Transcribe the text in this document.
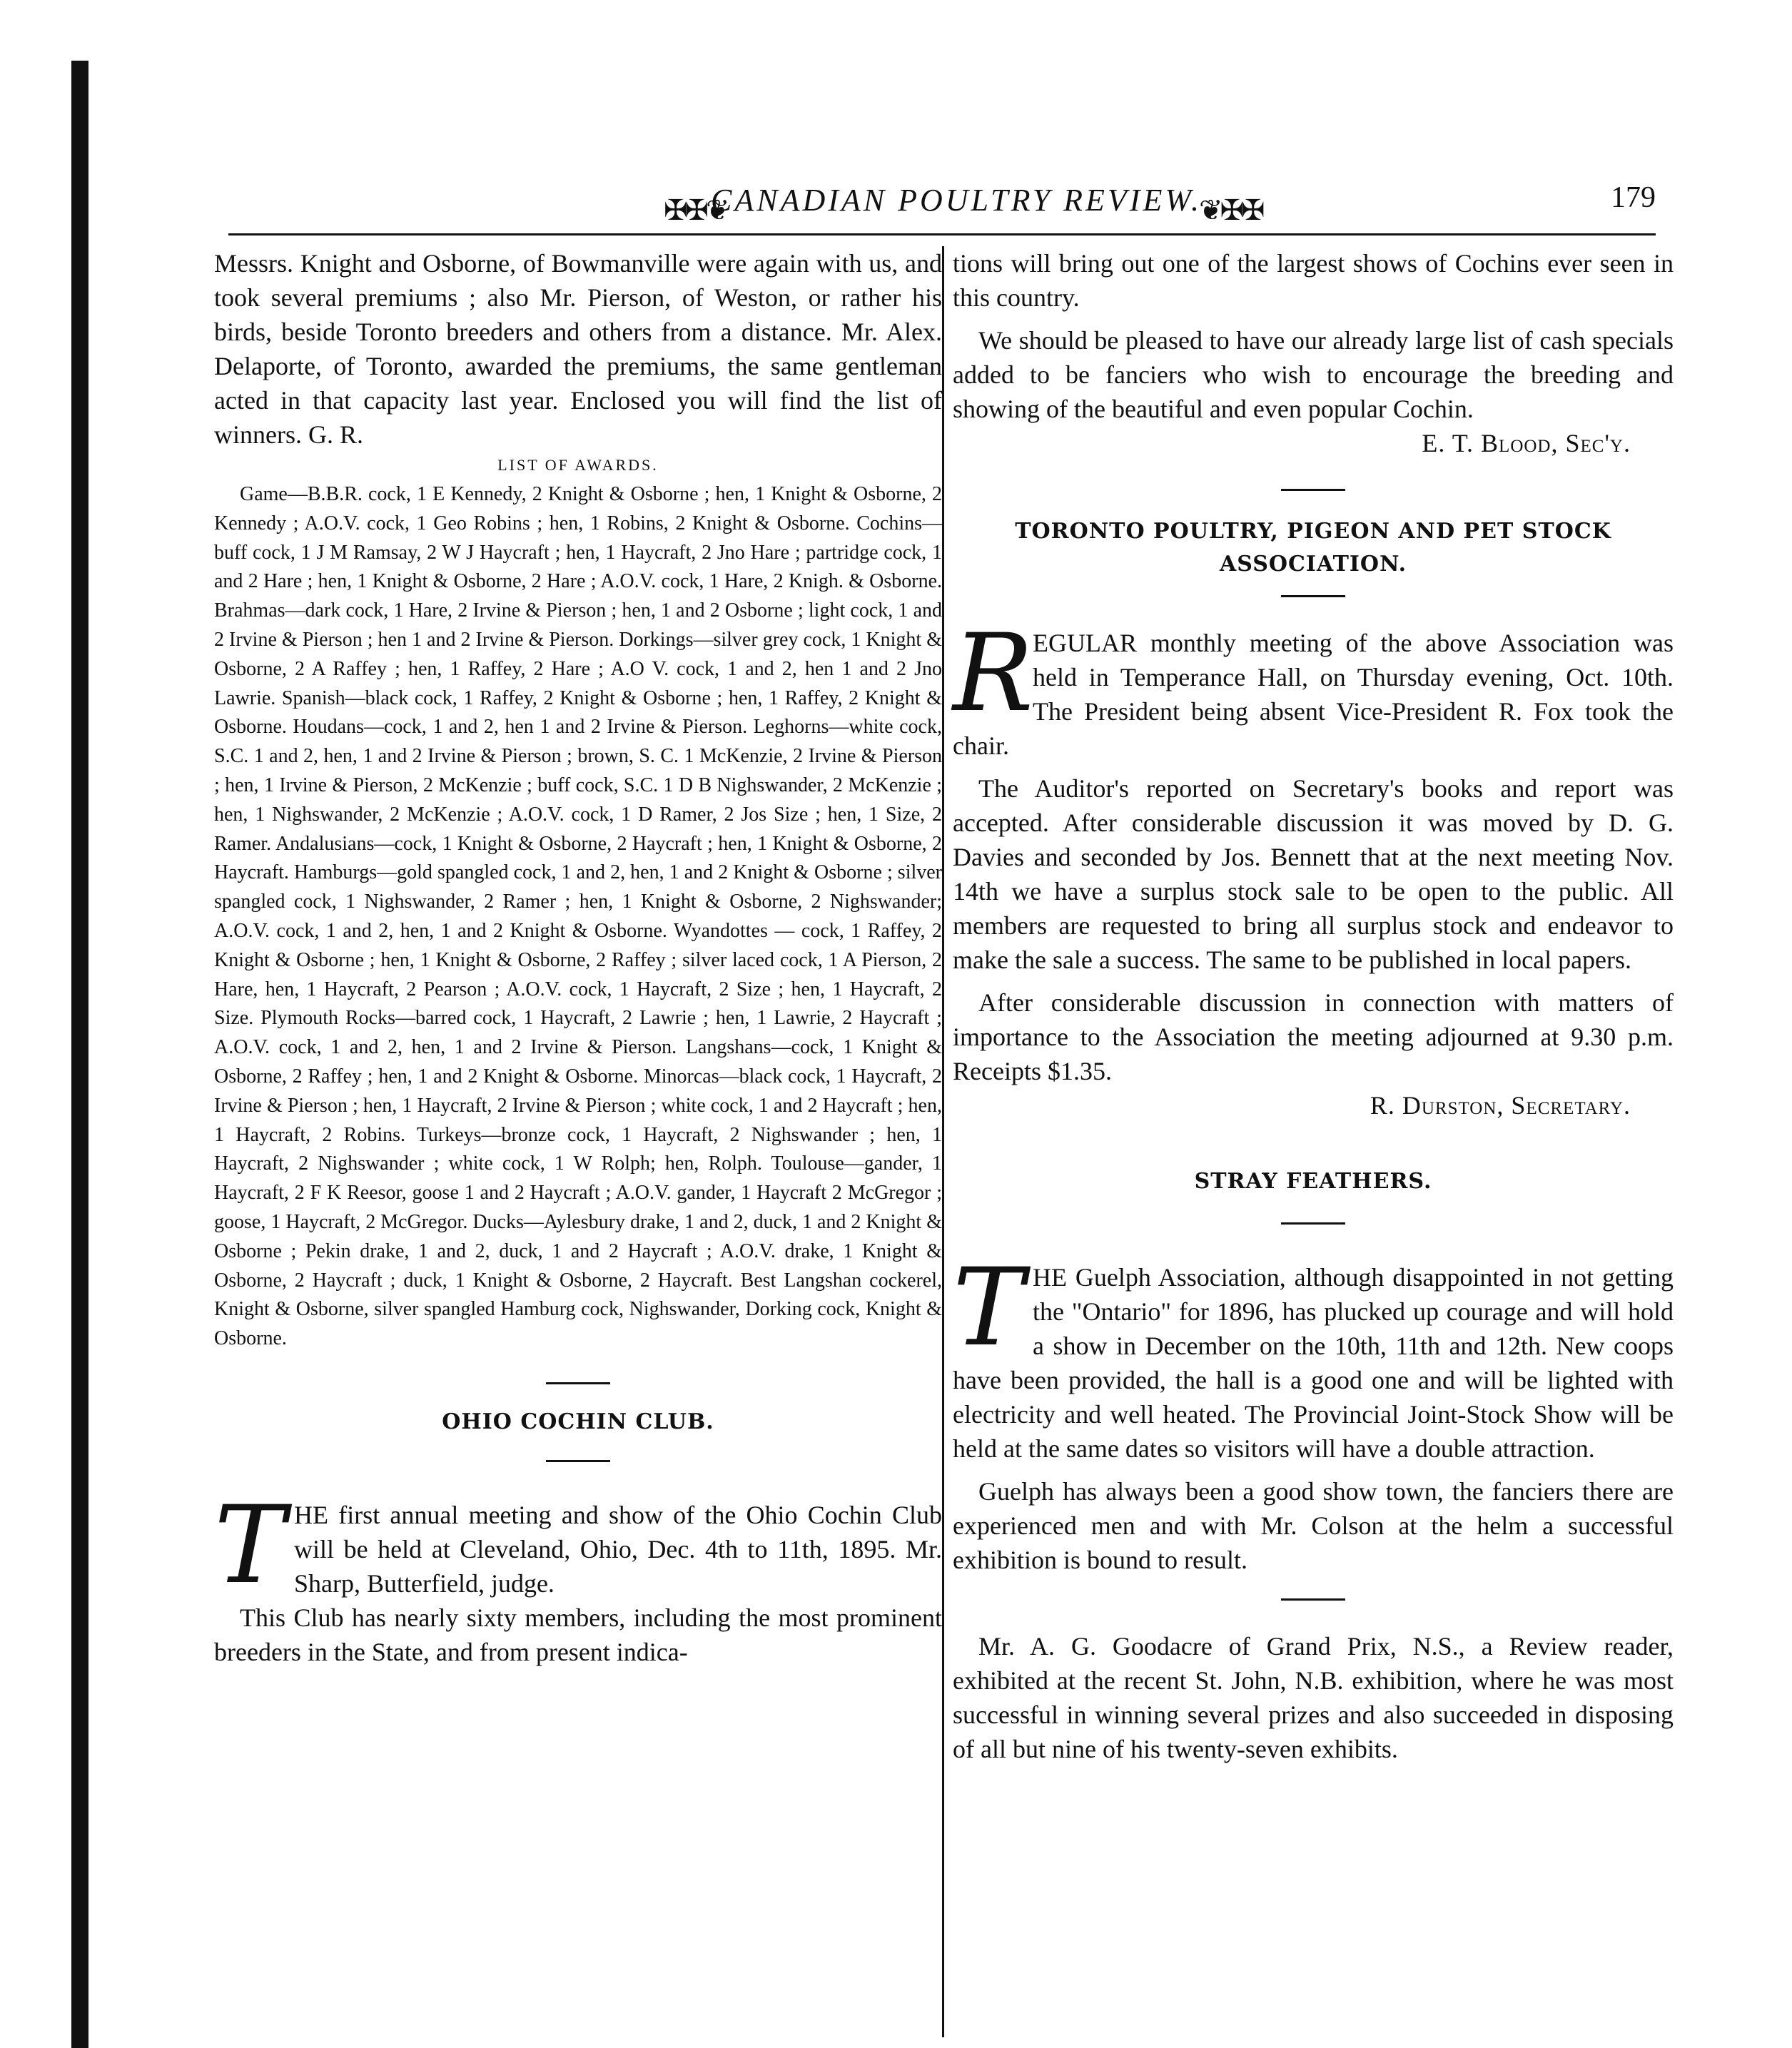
✠✠❦
CANADIAN POULTRY REVIEW.
❦✠✠	179

Messrs. Knight and Osborne, of Bowmanville were again with us, and took several premiums ; also Mr. Pierson, of Weston, or rather his birds, beside Toronto breeders and others from a distance. Mr. Alex. Delaporte, of Toronto, awarded the premiums, the same gentleman acted in that capacity last year. Enclosed you will find the list of winners. G. R.

LIST OF AWARDS.

Game—B.B.R. cock, 1 E Kennedy, 2 Knight & Osborne ; hen, 1 Knight & Osborne, 2 Kennedy ; A.O.V. cock, 1 Geo Robins ; hen, 1 Robins, 2 Knight & Osborne. Cochins—buff cock, 1 J M Ramsay, 2 W J Haycraft ; hen, 1 Haycraft, 2 Jno Hare ; partridge cock, 1 and 2 Hare ; hen, 1 Knight & Osborne, 2 Hare ; A.O.V. cock, 1 Hare, 2 Knigh. & Osborne. Brahmas—dark cock, 1 Hare, 2 Irvine & Pierson ; hen, 1 and 2 Osborne ; light cock, 1 and 2 Irvine & Pierson ; hen 1 and 2 Irvine & Pierson. Dorkings—silver grey cock, 1 Knight & Osborne, 2 A Raffey ; hen, 1 Raffey, 2 Hare ; A.O V. cock, 1 and 2, hen 1 and 2 Jno Lawrie. Spanish—black cock, 1 Raffey, 2 Knight & Osborne ; hen, 1 Raffey, 2 Knight & Osborne. Houdans—cock, 1 and 2, hen 1 and 2 Irvine & Pierson. Leghorns—white cock, S.C. 1 and 2, hen, 1 and 2 Irvine & Pierson ; brown, S. C. 1 McKenzie, 2 Irvine & Pierson ; hen, 1 Irvine & Pierson, 2 McKenzie ; buff cock, S.C. 1 D B Nighswander, 2 McKenzie ; hen, 1 Nighswander, 2 McKenzie ; A.O.V. cock, 1 D Ramer, 2 Jos Size ; hen, 1 Size, 2 Ramer. Andalusians—cock, 1 Knight & Osborne, 2 Haycraft ; hen, 1 Knight & Osborne, 2 Haycraft. Hamburgs—gold spangled cock, 1 and 2, hen, 1 and 2 Knight & Osborne ; silver spangled cock, 1 Nighswander, 2 Ramer ; hen, 1 Knight & Osborne, 2 Nighswander; A.O.V. cock, 1 and 2, hen, 1 and 2 Knight & Osborne. Wyandottes — cock, 1 Raffey, 2 Knight & Osborne ; hen, 1 Knight & Osborne, 2 Raffey ; silver laced cock, 1 A Pierson, 2 Hare, hen, 1 Haycraft, 2 Pearson ; A.O.V. cock, 1 Haycraft, 2 Size ; hen, 1 Haycraft, 2 Size. Plymouth Rocks—barred cock, 1 Haycraft, 2 Lawrie ; hen, 1 Lawrie, 2 Haycraft ; A.O.V. cock, 1 and 2, hen, 1 and 2 Irvine & Pierson. Langshans—cock, 1 Knight & Osborne, 2 Raffey ; hen, 1 and 2 Knight & Osborne. Minorcas—black cock, 1 Haycraft, 2 Irvine & Pierson ; hen, 1 Haycraft, 2 Irvine & Pierson ; white cock, 1 and 2 Haycraft ; hen, 1 Haycraft, 2 Robins. Turkeys—bronze cock, 1 Haycraft, 2 Nighswander ; hen, 1 Haycraft, 2 Nighswander ; white cock, 1 W Rolph; hen, Rolph. Toulouse—gander, 1 Haycraft, 2 F K Reesor, goose 1 and 2 Haycraft ; A.O.V. gander, 1 Haycraft 2 McGregor ; goose, 1 Haycraft, 2 McGregor. Ducks—Aylesbury drake, 1 and 2, duck, 1 and 2 Knight & Osborne ; Pekin drake, 1 and 2, duck, 1 and 2 Haycraft ; A.O.V. drake, 1 Knight & Osborne, 2 Haycraft ; duck, 1 Knight & Osborne, 2 Haycraft. Best Langshan cockerel, Knight & Osborne, silver spangled Hamburg cock, Nighswander, Dorking cock, Knight & Osborne.

OHIO COCHIN CLUB.
T HE first annual meeting and show of the Ohio Cochin Club will be held at Cleveland, Ohio, Dec. 4th to 11th, 1895. Mr. Sharp, Butterfield, judge.

This Club has nearly sixty members, including the most prominent breeders in the State, and from present indica-

tions will bring out one of the largest shows of Cochins ever seen in this country.

We should be pleased to have our already large list of cash specials added to be fanciers who wish to encourage the breeding and showing of the beautiful and even popular Cochin.

E. T. Blood, Sec'y.
TORONTO POULTRY, PIGEON AND PET STOCK ASSOCIATION.
R EGULAR monthly meeting of the above Association was held in Temperance Hall, on Thursday evening, Oct. 10th. The President being absent Vice-President R. Fox took the chair.

The Auditor's reported on Secretary's books and report was accepted. After considerable discussion it was moved by D. G. Davies and seconded by Jos. Bennett that at the next meeting Nov. 14th we have a surplus stock sale to be open to the public. All members are requested to bring all surplus stock and endeavor to make the sale a success. The same to be published in local papers.

After considerable discussion in connection with matters of importance to the Association the meeting adjourned at 9.30 p.m. Receipts $1.35.

R. Durston, Secretary.
STRAY FEATHERS.
T HE Guelph Association, although disappointed in not getting the "Ontario" for 1896, has plucked up courage and will hold a show in December on the 10th, 11th and 12th. New coops have been provided, the hall is a good one and will be lighted with electricity and well heated. The Provincial Joint-Stock Show will be held at the same dates so visitors will have a double attraction.

Guelph has always been a good show town, the fanciers there are experienced men and with Mr. Colson at the helm a successful exhibition is bound to result.

Mr. A. G. Goodacre of Grand Prix, N.S., a Review reader, exhibited at the recent St. John, N.B. exhibition, where he was most successful in winning several prizes and also succeeded in disposing of all but nine of his twenty-seven exhibits.
